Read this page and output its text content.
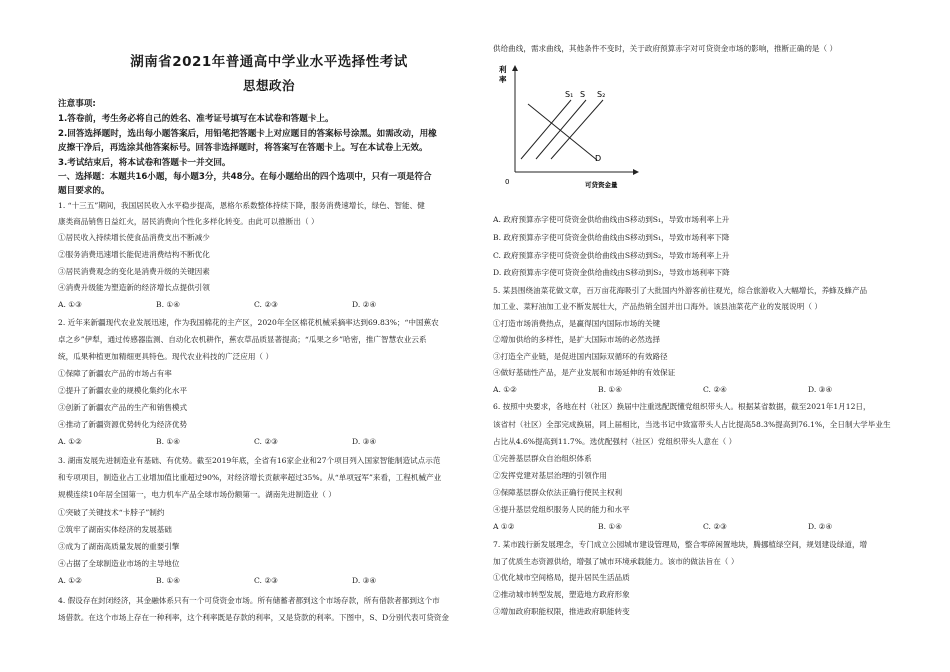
湖南省2021年普通高中学业水平选择性考试
思想政治
注意事项:
1.答卷前，考生务必将自己的姓名、准考证号填写在本试卷和答题卡上。
2.回答选择题时，选出每小题答案后，用铅笔把答题卡上对应题目的答案标号涂黑。如需改动，用橡
皮擦干净后，再选涂其他答案标号。回答非选择题时，将答案写在答题卡上。写在本试卷上无效。
3.考试结束后，将本试卷和答题卡一并交回。
一、选择题：本题共16小题，每小题3分，共48分。在每小题给出的四个选项中，只有一项是符合
题目要求的。
1. “十三五”期间，我国居民收入水平稳步提高，恩格尔系数整体持续下降，服务消费速增长，绿色、智能、健
康类商品销售日益红火，居民消费向个性化多样化转变。由此可以推断出（ ）
①居民收入持续增长使食品消费支出不断减少
②服务消费迅速增长能促进消费结构不断优化
③居民消费观念的变化是消费升级的关键因素
④消费升级能为塑造新的经济增长点提供引领
A. ①③	B. ①④	C. ②③	D. ②④
2. 近年来新疆现代农业发展迅速，作为我国棉花的主产区，2020年全区棉花机械采摘率达到69.83%；“中国蕉农
卓之乡”伊犁，通过传感器监测、自动化农机耕作，蕉农草品质显著提高；“瓜果之乡”哈密，推广智慧农业云系
统，瓜果种植更加精细更具特色。现代农业科技的广泛应用（ ）
①保障了新疆农产品的市场占有率
②提升了新疆农业的规模化集约化水平
③创新了新疆农产品的生产和销售模式
④推动了新疆资源优势转化为经济优势
A. ①②	B. ①④	C. ②③	D. ③④
3. 湖南发展先进制造业有基础、有优势。截至2019年底，全省有16家企业和27个项目列入国家智能制造试点示范
和专项项目，制造业占工业增加值比重超过90%，对经济增长贡献率超过35%。从“单项冠军”来看，工程机械产业
规模连续10年居全国第一，电力机车产品全球市场份额第一。湖南先进制造业（ ）
①突破了关键技术“卡脖子”制约
②筑牢了湖南实体经济的发展基础
③成为了湖南高质量发展的重要引擎
④占据了全球制造业市场的主导地位
A. ①②	B. ①④	C. ②③	D. ③④
4. 假设存在封闭经济，其金融体系只有一个可贷资金市场。所有储蓄者都到这个市场存款，所有借款者都到这个市
场借款。在这个市场上存在一种利率，这个利率既是存款的利率，又是贷款的利率。下图中，S、D分别代表可贷资金
供给曲线，需求曲线，其他条件不变时，关于政府预算赤字对可贷资金市场的影响，推断正确的是（ ）
利
率
0	可贷资金量
S₁ S S₂
D
A. 政府预算赤字使可贷资金供给曲线由S移动到S₁，导致市场利率上升
B. 政府预算赤字使可贷资金供给曲线由S移动到S₁，导致市场利率下降
C. 政府预算赤字使可贷资金供给曲线由S移动到S₂，导致市场利率上升
D. 政府预算赤字使可贷资金供给曲线由S移动到S₂，导致市场利率下降
5. 某县围绕油菜花做文章，百万亩花海吸引了大批国内外游客前往观光，综合旅游收入大幅增长，养蜂及蜂产品
加工业、菜籽油加工业不断发展壮大，产品热销全国并出口海外。该县油菜花产业的发展说明（ ）
①打造市场消费热点，是赢得国内国际市场的关键
②增加供给的多样性，是扩大国际市场的必然选择
③打造全产业链，是促进国内国际双循环的有效路径
④做好基础性产品，是产业发展和市场延伸的有效保证
A. ①②	B. ①④	C. ②④	D. ③④
6. 按照中央要求，各地在村（社区）换届中注重选配既懂党组织带头人。根据某省数据，截至2021年1月12日，
该省村（社区）全部完成换届，同上届相比，当选书记中致富带头人占比提高58.3%提高到76.1%，全日制大学毕业生
占比从4.6%提高到11.7%。选优配强村（社区）党组织带头人意在（ ）
①完善基层群众自治组织体系
②发挥党建对基层治理的引领作用
③保障基层群众依法正确行使民主权利
④提升基层党组织服务人民的能力和水平
A ①②	B. ①④	C. ②③	D. ②④
7. 某市践行新发展理念，专门成立公园城市建设管理局，整合零碎闲置地块，腾挪植绿空间，规划建设绿道，增
加了优质生态资源供给，增强了城市环境承载能力。该市的做法旨在（ ）
①优化城市空间格局，提升居民生活品质
②推动城市转型发展，塑造地方政府形象
③增加政府职能权限，推进政府职能转变
